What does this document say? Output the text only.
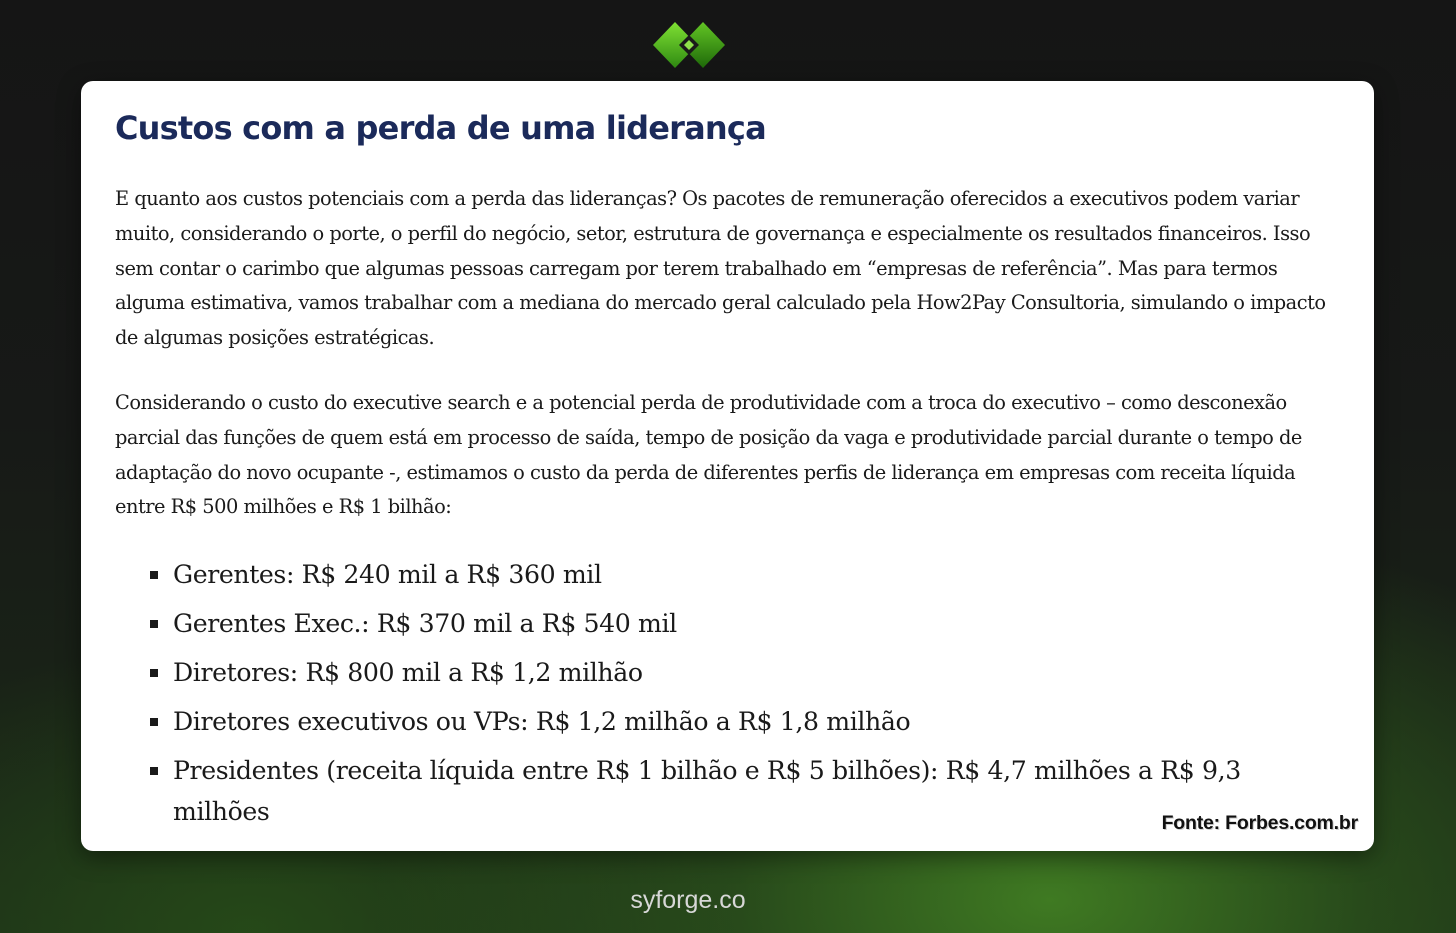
Custos com a perda de uma liderança

E quanto aos custos potenciais com a perda das lideranças? Os pacotes de remuneração oferecidos a executivos podem variar muito, considerando o porte, o perfil do negócio, setor, estrutura de governança e especialmente os resultados financeiros. Isso sem contar o carimbo que algumas pessoas carregam por terem trabalhado em “empresas de referência”. Mas para termos alguma estimativa, vamos trabalhar com a mediana do mercado geral calculado pela How2Pay Consultoria, simulando o impacto de algumas posições estratégicas.

Considerando o custo do executive search e a potencial perda de produtividade com a troca do executivo – como desconexão parcial das funções de quem está em processo de saída, tempo de posição da vaga e produtividade parcial durante o tempo de adaptação do novo ocupante -, estimamos o custo da perda de diferentes perfis de liderança em empresas com receita líquida entre R$ 500 milhões e R$ 1 bilhão:

Gerentes: R$ 240 mil a R$ 360 mil
Gerentes Exec.: R$ 370 mil a R$ 540 mil
Diretores: R$ 800 mil a R$ 1,2 milhão
Diretores executivos ou VPs: R$ 1,2 milhão a R$ 1,8 milhão
Presidentes (receita líquida entre R$ 1 bilhão e R$ 5 bilhões): R$ 4,7 milhões a R$ 9,3 milhões	Fonte: Forbes.com.br
syforge.co
